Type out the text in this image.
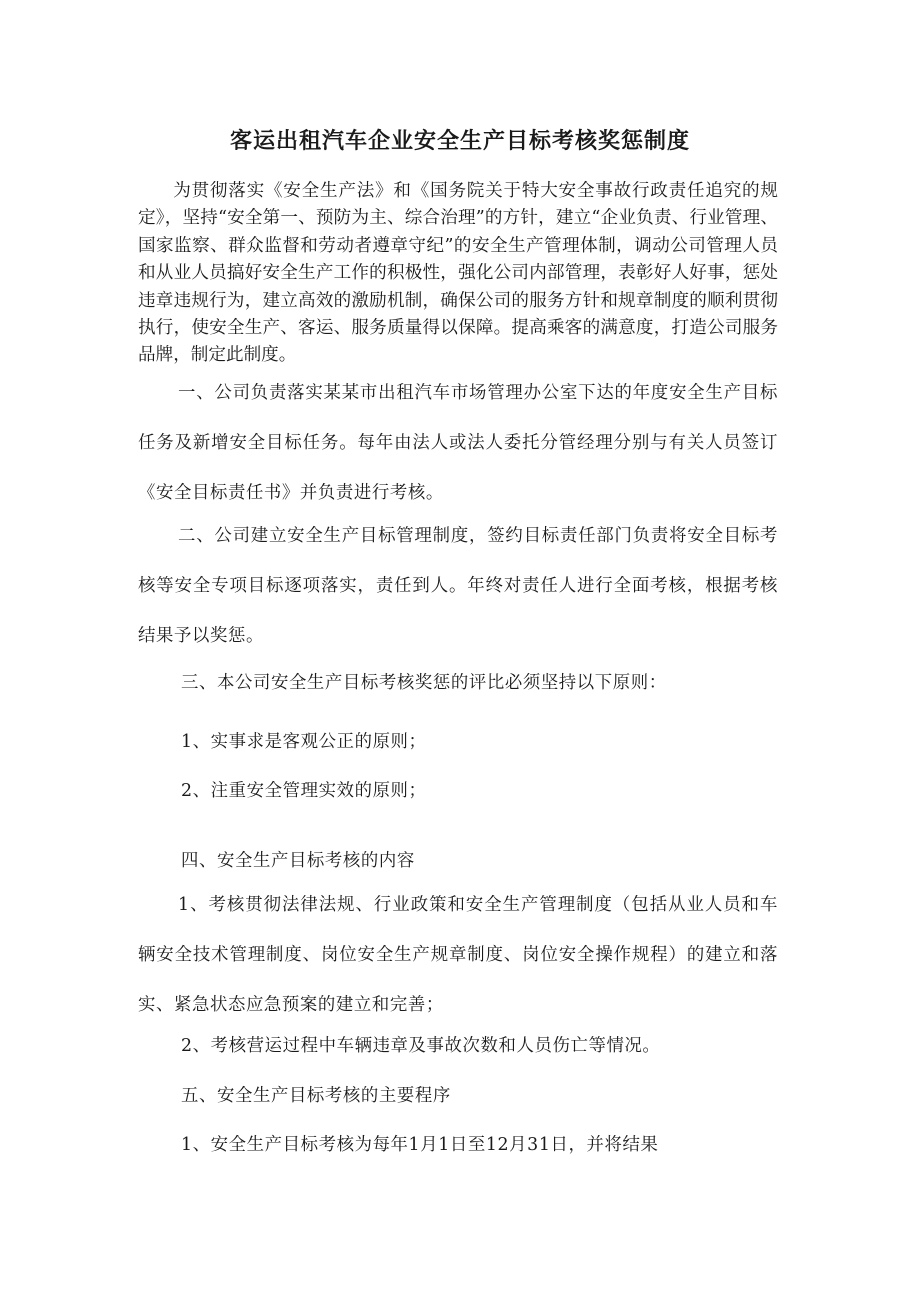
客运出租汽车企业安全生产目标考核奖惩制度

为贯彻落实《安全生产法》和《国务院关于特大安全事故行政责任追究的规定》，坚持“安全第一、预防为主、综合治理”的方针，建立“企业负责、行业管理、国家监察、群众监督和劳动者遵章守纪”的安全生产管理体制，调动公司管理人员和从业人员搞好安全生产工作的积极性，强化公司内部管理，表彰好人好事，惩处违章违规行为，建立高效的激励机制，确保公司的服务方针和规章制度的顺利贯彻执行，使安全生产、客运、服务质量得以保障。提高乘客的满意度，打造公司服务品牌，制定此制度。

一、公司负责落实某某市出租汽车市场管理办公室下达的年度安全生产目标任务及新增安全目标任务。每年由法人或法人委托分管经理分别与有关人员签订《安全目标责任书》并负责进行考核。

二、公司建立安全生产目标管理制度，签约目标责任部门负责将安全目标考核等安全专项目标逐项落实，责任到人。年终对责任人进行全面考核，根据考核结果予以奖惩。

三、本公司安全生产目标考核奖惩的评比必须坚持以下原则：

1、实事求是客观公正的原则；

2、注重安全管理实效的原则；

四、安全生产目标考核的内容

1、考核贯彻法律法规、行业政策和安全生产管理制度（包括从业人员和车辆安全技术管理制度、岗位安全生产规章制度、岗位安全操作规程）的建立和落实、紧急状态应急预案的建立和完善；

2、考核营运过程中车辆违章及事故次数和人员伤亡等情况。

五、安全生产目标考核的主要程序

1、安全生产目标考核为每年1月1日至12月31日，并将结果
